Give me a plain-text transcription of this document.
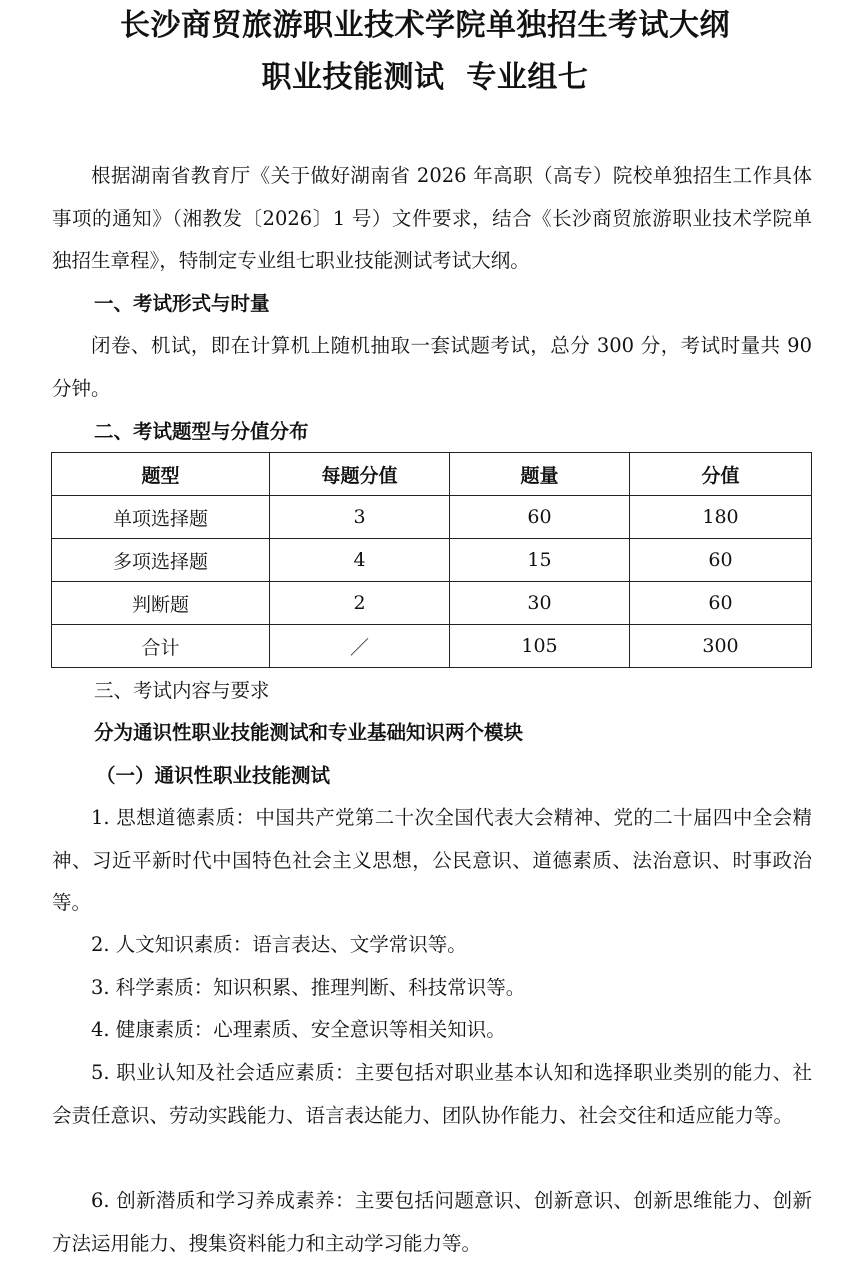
长沙商贸旅游职业技术学院单独招生考试大纲
职业技能测试  专业组七

根据湖南省教育厅《关于做好湖南省 2026 年高职（高专）院校单独招生工作具体事项的通知》（湘教发〔2026〕1 号）文件要求，结合《长沙商贸旅游职业技术学院单独招生章程》，特制定专业组七职业技能测试考试大纲。

一、考试形式与时量

闭卷、机试，即在计算机上随机抽取一套试题考试，总分 300 分，考试时量共 90 分钟。

二、考试题型与分值分布

题型	每题分值	题量	分值
单项选择题	3	60	180
多项选择题	4	15	60
判断题	2	30	60
合计	／	105	300

三、考试内容与要求

分为通识性职业技能测试和专业基础知识两个模块

（一）通识性职业技能测试

1. 思想道德素质：中国共产党第二十次全国代表大会精神、党的二十届四中全会精神、习近平新时代中国特色社会主义思想，公民意识、道德素质、法治意识、时事政治等。

2. 人文知识素质：语言表达、文学常识等。

3. 科学素质：知识积累、推理判断、科技常识等。

4. 健康素质：心理素质、安全意识等相关知识。

5. 职业认知及社会适应素质：主要包括对职业基本认知和选择职业类别的能力、社会责任意识、劳动实践能力、语言表达能力、团队协作能力、社会交往和适应能力等。

6. 创新潜质和学习养成素养：主要包括问题意识、创新意识、创新思维能力、创新方法运用能力、搜集资料能力和主动学习能力等。
